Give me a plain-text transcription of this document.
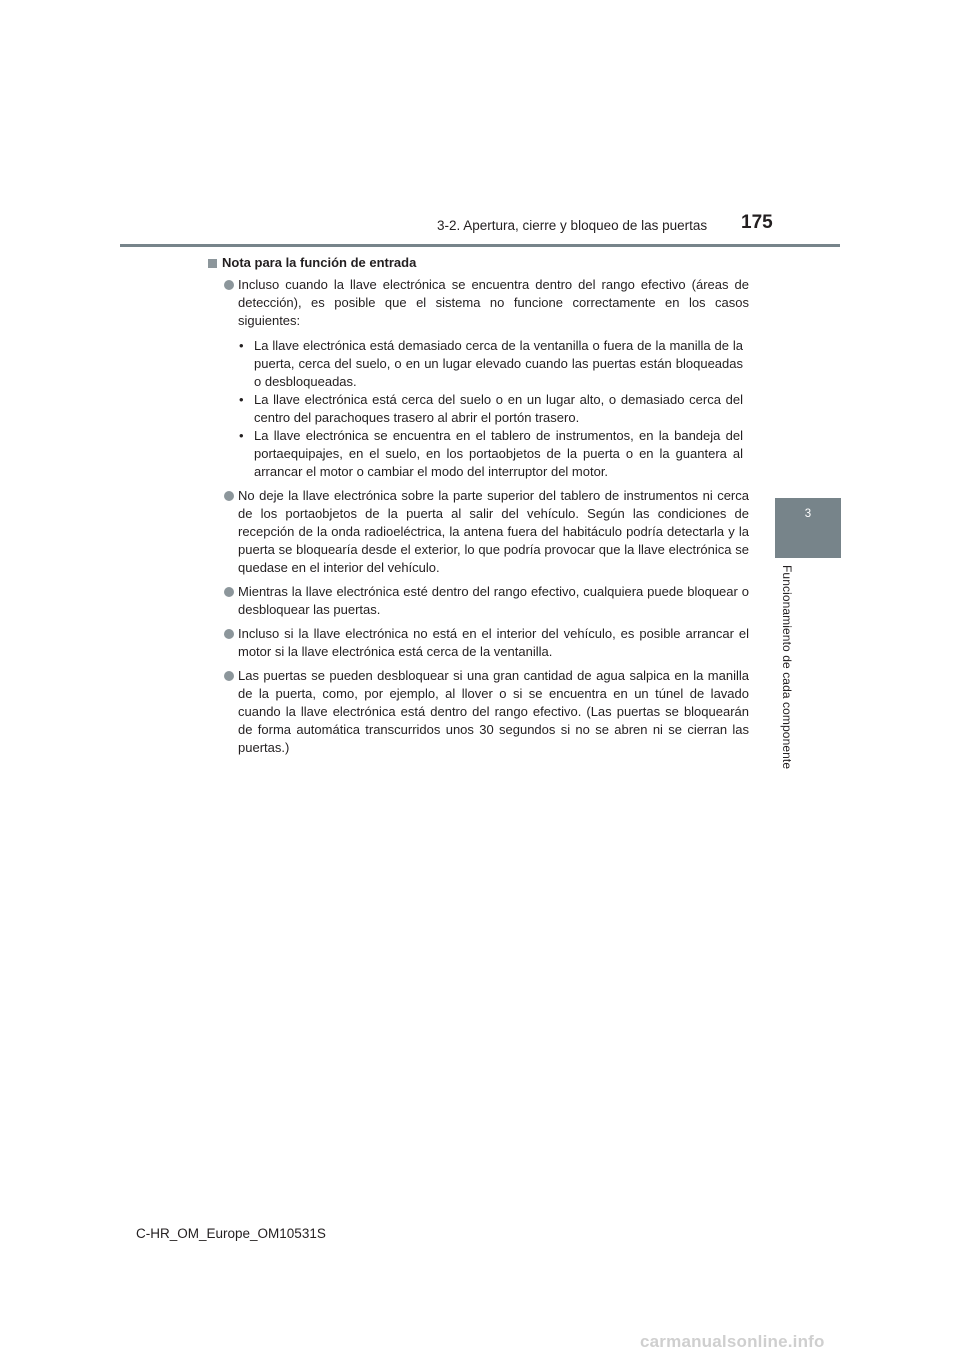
3-2. Apertura, cierre y bloqueo de las puertas 175
3
Funcionamiento de cada componente
Nota para la función de entrada
Incluso cuando la llave electrónica se encuentra dentro del rango efectivo (áreas de detección), es posible que el sistema no funcione correctamente en los casos siguientes:
• La llave electrónica está demasiado cerca de la ventanilla o fuera de la manilla de la puerta, cerca del suelo, o en un lugar elevado cuando las puertas están bloqueadas o desbloqueadas.
• La llave electrónica está cerca del suelo o en un lugar alto, o demasiado cerca del centro del parachoques trasero al abrir el portón trasero.
• La llave electrónica se encuentra en el tablero de instrumentos, en la bandeja del portaequipajes, en el suelo, en los portaobjetos de la puerta o en la guantera al arrancar el motor o cambiar el modo del interruptor del motor.
No deje la llave electrónica sobre la parte superior del tablero de instrumentos ni cerca de los portaobjetos de la puerta al salir del vehículo. Según las condiciones de recepción de la onda radioeléctrica, la antena fuera del habitáculo podría detectarla y la puerta se bloquearía desde el exterior, lo que podría provocar que la llave electrónica se quedase en el interior del vehículo.
Mientras la llave electrónica esté dentro del rango efectivo, cualquiera puede bloquear o desbloquear las puertas.
Incluso si la llave electrónica no está en el interior del vehículo, es posible arrancar el motor si la llave electrónica está cerca de la ventanilla.
Las puertas se pueden desbloquear si una gran cantidad de agua salpica en la manilla de la puerta, como, por ejemplo, al llover o si se encuentra en un túnel de lavado cuando la llave electrónica está dentro del rango efectivo. (Las puertas se bloquearán de forma automática transcurridos unos 30 segundos si no se abren ni se cierran las puertas.)
C-HR_OM_Europe_OM10531S
carmanualsonline.info
